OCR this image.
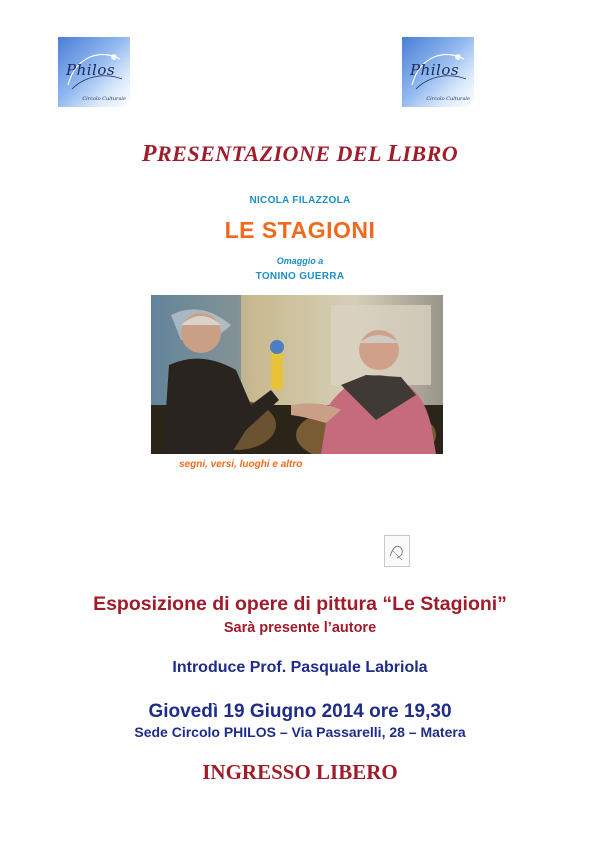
Philos
Circolo Culturale
Philos
Circolo Culturale
PRESENTAZIONE DEL LIBRO
NICOLA FILAZZOLA
LE STAGIONI
Omaggio a
TONINO GUERRA
segni, versi, luoghi e altro
Esposizione di opere di pittura “Le Stagioni”
Sarà presente l’autore
Introduce Prof. Pasquale Labriola
Giovedì 19 Giugno 2014 ore 19,30
Sede Circolo PHILOS – Via Passarelli, 28 – Matera
INGRESSO LIBERO
